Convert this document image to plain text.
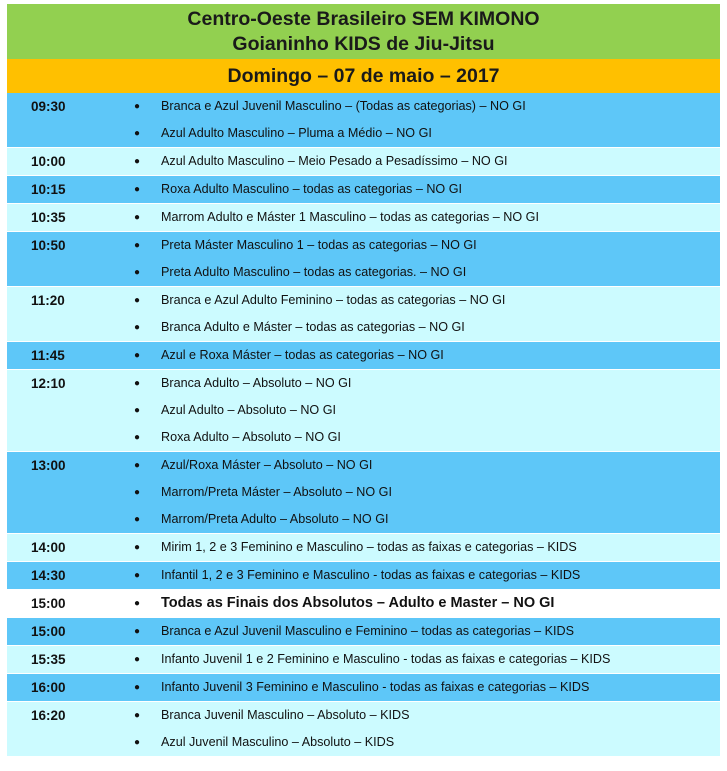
Centro-Oeste Brasileiro SEM KIMONO
Goianinho KIDS de Jiu-Jitsu
Domingo – 07 de maio – 2017
09:30	● Branca e Azul Juvenil Masculino – (Todas as categorias) – NO GI
● Azul Adulto Masculino – Pluma a Médio – NO GI
10:00	● Azul Adulto Masculino – Meio Pesado a Pesadíssimo – NO GI
10:15	● Roxa Adulto Masculino – todas as categorias – NO GI
10:35	● Marrom Adulto e Máster 1 Masculino – todas as categorias – NO GI
10:50	● Preta Máster Masculino 1 – todas as categorias – NO GI
● Preta Adulto Masculino – todas as categorias. – NO GI
11:20	● Branca e Azul Adulto Feminino – todas as categorias – NO GI
● Branca Adulto e Máster – todas as categorias – NO GI
11:45	● Azul e Roxa Máster – todas as categorias – NO GI
12:10	● Branca Adulto – Absoluto – NO GI
● Azul Adulto – Absoluto – NO GI
● Roxa Adulto – Absoluto – NO GI
13:00	● Azul/Roxa Máster – Absoluto – NO GI
● Marrom/Preta Máster – Absoluto – NO GI
● Marrom/Preta Adulto – Absoluto – NO GI
14:00	● Mirim 1, 2 e 3 Feminino e Masculino – todas as faixas e categorias – KIDS
14:30	● Infantil 1, 2 e 3 Feminino e Masculino - todas as faixas e categorias – KIDS
15:00	● Todas as Finais dos Absolutos – Adulto e Master – NO GI
15:00	● Branca e Azul Juvenil Masculino e Feminino – todas as categorias – KIDS
15:35	● Infanto Juvenil 1 e 2 Feminino e Masculino - todas as faixas e categorias – KIDS
16:00	● Infanto Juvenil 3 Feminino e Masculino - todas as faixas e categorias – KIDS
16:20	● Branca Juvenil Masculino – Absoluto – KIDS
● Azul Juvenil Masculino – Absoluto – KIDS
